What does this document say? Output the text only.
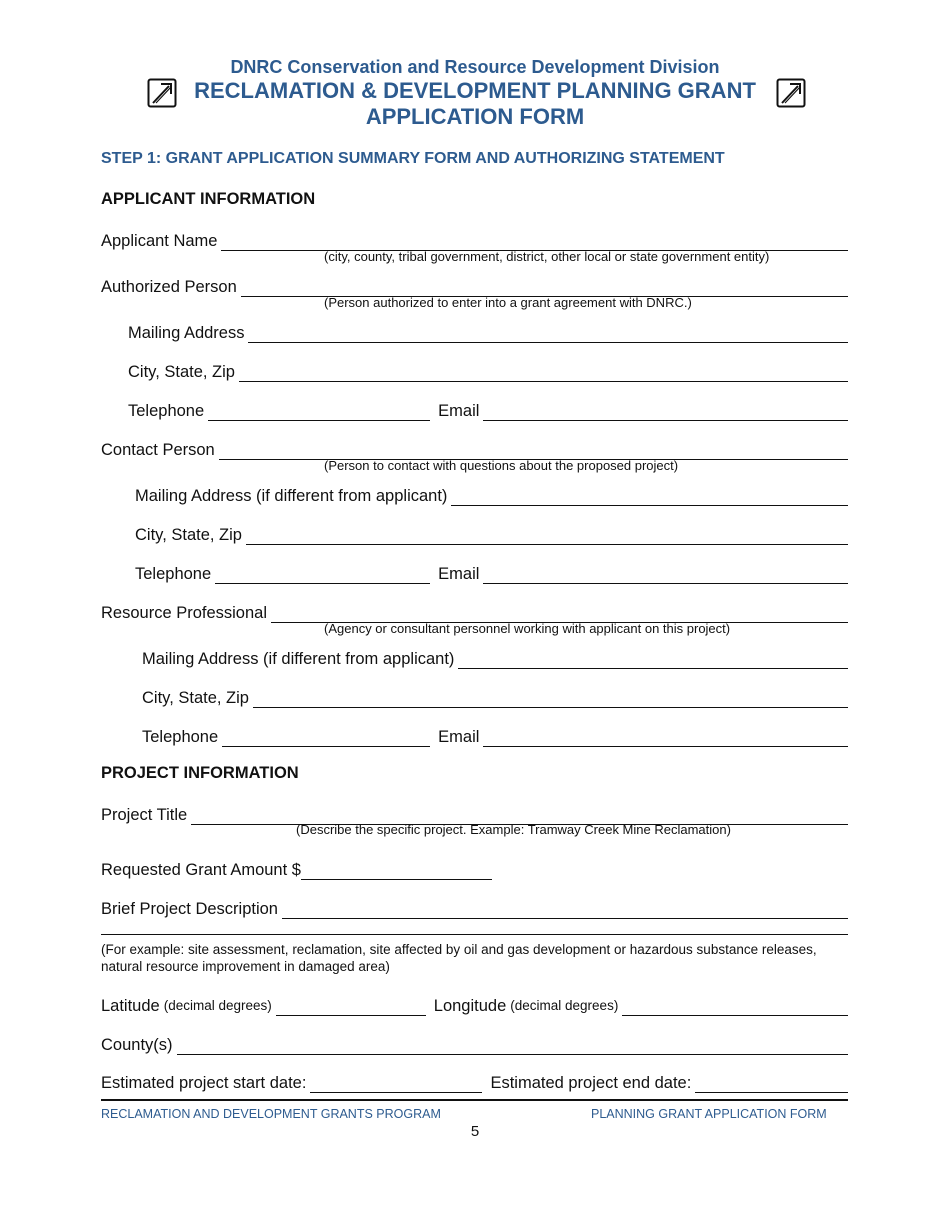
DNRC Conservation and Resource Development Division
RECLAMATION & DEVELOPMENT PLANNING GRANT
APPLICATION FORM
STEP 1: GRANT APPLICATION SUMMARY FORM AND AUTHORIZING STATEMENT
APPLICANT INFORMATION
Applicant Name
(city, county, tribal government, district, other local or state government entity)
Authorized Person
(Person authorized to enter into a grant agreement with DNRC.)
Mailing Address
City, State, Zip
Telephone	Email
Contact Person
(Person to contact with questions about the proposed project)
Mailing Address (if different from applicant)
City, State, Zip
Telephone	Email
Resource Professional
(Agency or consultant personnel working with applicant on this project)
Mailing Address (if different from applicant)
City, State, Zip
Telephone	Email
PROJECT INFORMATION
Project Title
(Describe the specific project. Example: Tramway Creek Mine Reclamation)
Requested Grant Amount $
Brief Project Description
(For example: site assessment, reclamation, site affected by oil and gas development or hazardous substance releases, natural resource improvement in damaged area)
Latitude (decimal degrees)	Longitude (decimal degrees)
County(s)
Estimated project start date:	Estimated project end date:
RECLAMATION AND DEVELOPMENT GRANTS PROGRAM	PLANNING GRANT APPLICATION FORM
5
